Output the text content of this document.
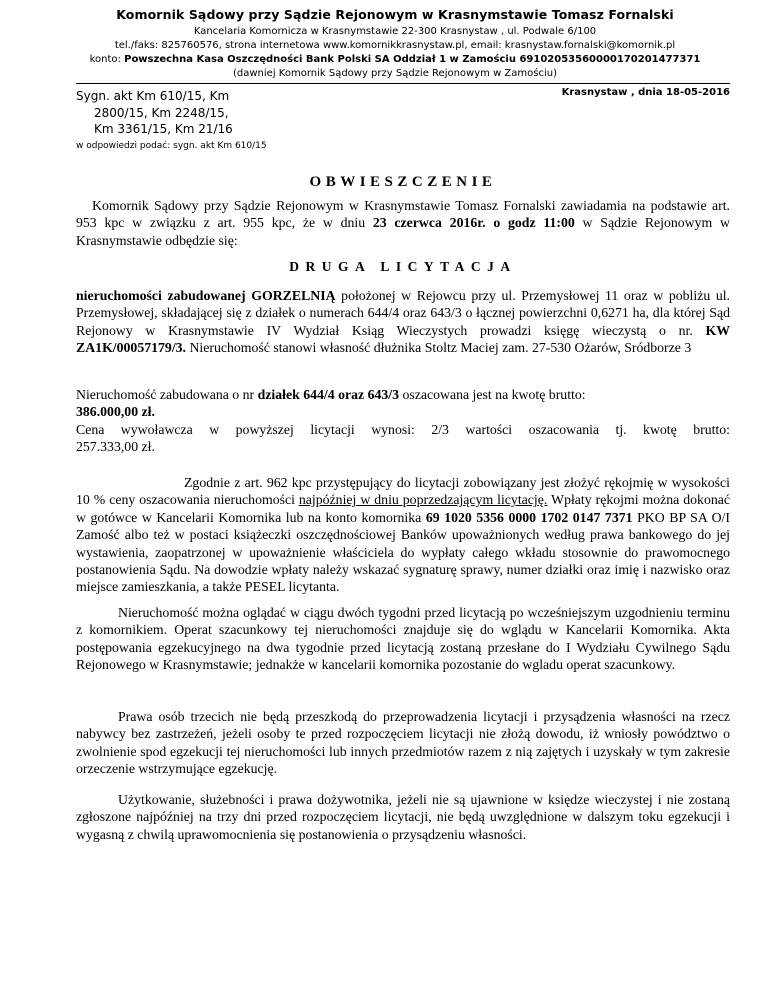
Komornik Sądowy przy Sądzie Rejonowym w Krasnymstawie Tomasz Fornalski
Kancelaria Komornicza w Krasnymstawie 22-300 Krasnystaw , ul. Podwale 6/100
tel./faks: 825760576, strona internetowa www.komornikkrasnystaw.pl, email: krasnystaw.fornalski@komornik.pl
konto: Powszechna Kasa Oszczędności Bank Polski SA Oddział 1 w Zamościu 69102053560000170201477371
(dawniej Komornik Sądowy przy Sądzie Rejonowym w Zamościu)
Sygn. akt Km 610/15, Km
2800/15, Km 2248/15,
Km 3361/15, Km 21/16
Krasnystaw , dnia 18-05-2016
w odpowiedzi podać: sygn. akt Km 610/15
OBWIESZCZENIE
Komornik Sądowy przy Sądzie Rejonowym w Krasnymstawie Tomasz Fornalski zawiadamia na podstawie art. 953 kpc w związku z art. 955 kpc, że w dniu 23 czerwca 2016r. o godz 11:00 w Sądzie Rejonowym w Krasnymstawie odbędzie się:
DRUGA LICYTACJA
nieruchomości zabudowanej GORZELNIĄ położonej w Rejowcu przy ul. Przemysłowej 11 oraz w pobliżu ul. Przemysłowej, składającej się z działek o numerach 644/4 oraz 643/3 o łącznej powierzchni 0,6271 ha, dla której Sąd Rejonowy w Krasnymstawie IV Wydział Ksiąg Wieczystych prowadzi księgę wieczystą o nr. KW ZA1K/00057179/3. Nieruchomość stanowi własność dłużnika Stoltz Maciej zam. 27-530 Ożarów, Sródborze 3
Nieruchomość zabudowana o nr działek 644/4 oraz 643/3 oszacowana jest na kwotę brutto:
386.000,00 zł.
Cena wywoławcza w powyższej licytacji wynosi: 2/3 wartości oszacowania tj. kwotę brutto:
257.333,00 zł.
Zgodnie z art. 962 kpc przystępujący do licytacji zobowiązany jest złożyć rękojmię w wysokości 10 % ceny oszacowania nieruchomości najpóźniej w dniu poprzedzającym licytację. Wpłaty rękojmi można dokonać w gotówce w Kancelarii Komornika lub na konto komornika 69 1020 5356 0000 1702 0147 7371 PKO BP SA O/I Zamość albo też w postaci książeczki oszczędnościowej Banków upoważnionych według prawa bankowego do jej wystawienia, zaopatrzonej w upoważnienie właściciela do wypłaty całego wkładu stosownie do prawomocnego postanowienia Sądu. Na dowodzie wpłaty należy wskazać sygnaturę sprawy, numer działki oraz imię i nazwisko oraz miejsce zamieszkania, a także PESEL licytanta.
Nieruchomość można oglądać w ciągu dwóch tygodni przed licytacją po wcześniejszym uzgodnieniu terminu z komornikiem. Operat szacunkowy tej nieruchomości znajduje się do wglądu w Kancelarii Komornika. Akta postępowania egzekucyjnego na dwa tygodnie przed licytacją zostaną przesłane do I Wydziału Cywilnego Sądu Rejonowego w Krasnymstawie; jednakże w kancelarii komornika pozostanie do wgladu operat szacunkowy.
Prawa osób trzecich nie będą przeszkodą do przeprowadzenia licytacji i przysądzenia własności na rzecz nabywcy bez zastrzeżeń, jeżeli osoby te przed rozpoczęciem licytacji nie złożą dowodu, iż wniosły powództwo o zwolnienie spod egzekucji tej nieruchomości lub innych przedmiotów razem z nią zajętych i uzyskały w tym zakresie orzeczenie wstrzymujące egzekucję.
Użytkowanie, służebności i prawa dożywotnika, jeżeli nie są ujawnione w księdze wieczystej i nie zostaną zgłoszone najpóźniej na trzy dni przed rozpoczęciem licytacji, nie będą uwzględnione w dalszym toku egzekucji i wygasną z chwilą uprawomocnienia się postanowienia o przysądzeniu własności.
